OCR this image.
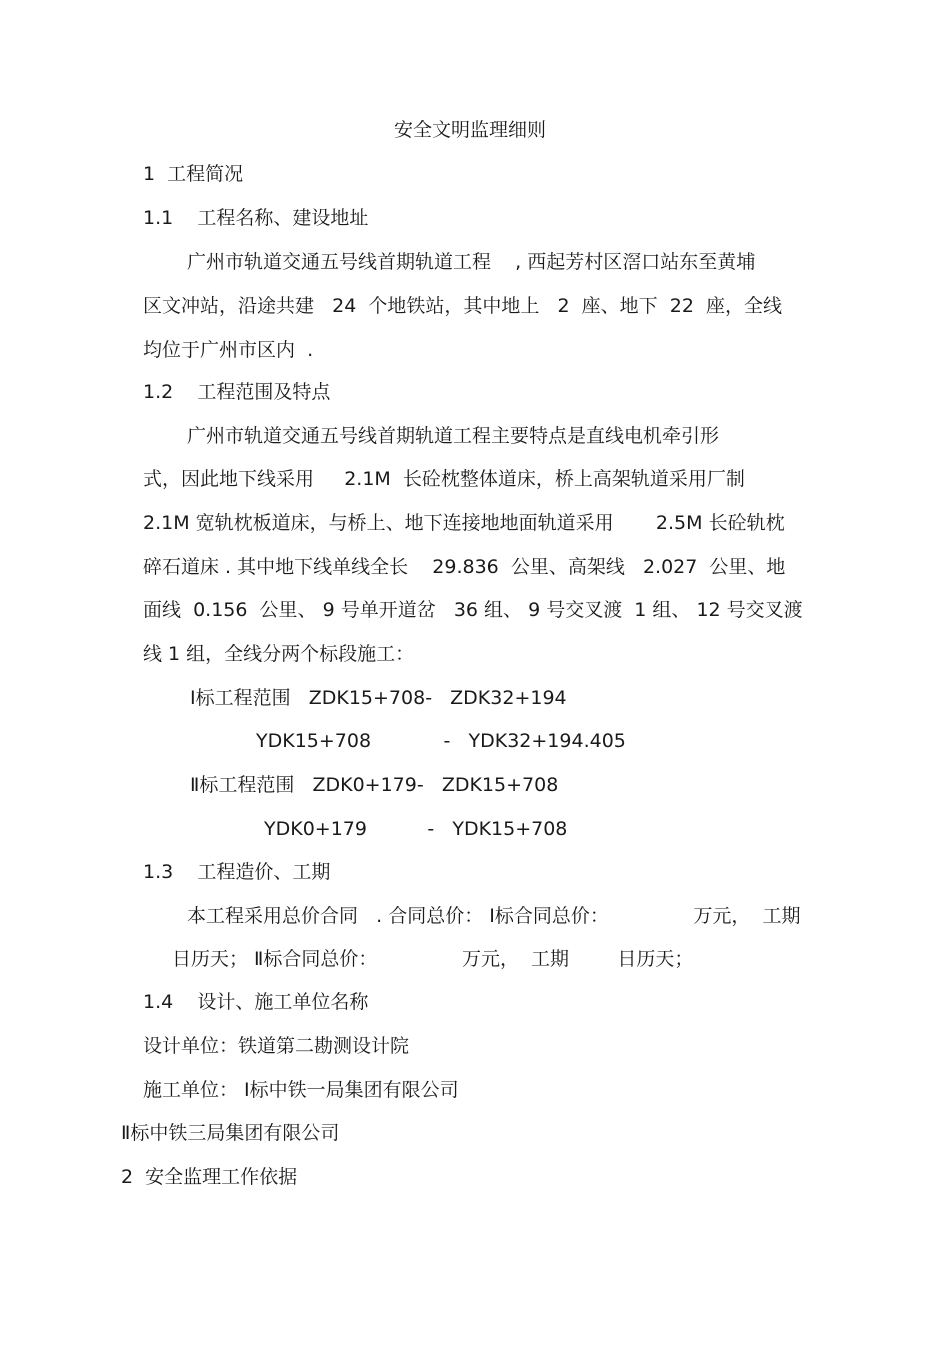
安全文明监理细则

1  工程简况

1.1    工程名称、建设地址

广州市轨道交通五号线首期轨道工程    , 西起芳村区滘口站东至黄埔

区文冲站，沿途共建   24  个地铁站，其中地上   2  座、地下  22  座，全线

均位于广州市区内  .

1.2    工程范围及特点

广州市轨道交通五号线首期轨道工程主要特点是直线电机牵引形

式，因此地下线采用     2.1M  长砼枕整体道床，桥上高架轨道采用厂制

2.1M 宽轨枕板道床，与桥上、地下连接地地面轨道采用       2.5M 长砼轨枕

碎石道床 . 其中地下线单线全长    29.836  公里、高架线   2.027  公里、地

面线  0.156  公里、 9 号单开道岔   36 组、 9 号交叉渡  1 组、 12 号交叉渡

线 1 组，全线分两个标段施工：

Ⅰ标工程范围   ZDK15+708-   ZDK32+194

YDK15+708            -   YDK32+194.405

Ⅱ标工程范围   ZDK0+179-   ZDK15+708

YDK0+179          -   YDK15+708

1.3    工程造价、工期

本工程采用总价合同   . 合同总价： Ⅰ标合同总价：              万元，  工期

日历天； Ⅱ标合同总价：              万元，  工期        日历天；

1.4    设计、施工单位名称

设计单位：铁道第二勘测设计院

施工单位： Ⅰ标中铁一局集团有限公司

Ⅱ标中铁三局集团有限公司

2  安全监理工作依据
